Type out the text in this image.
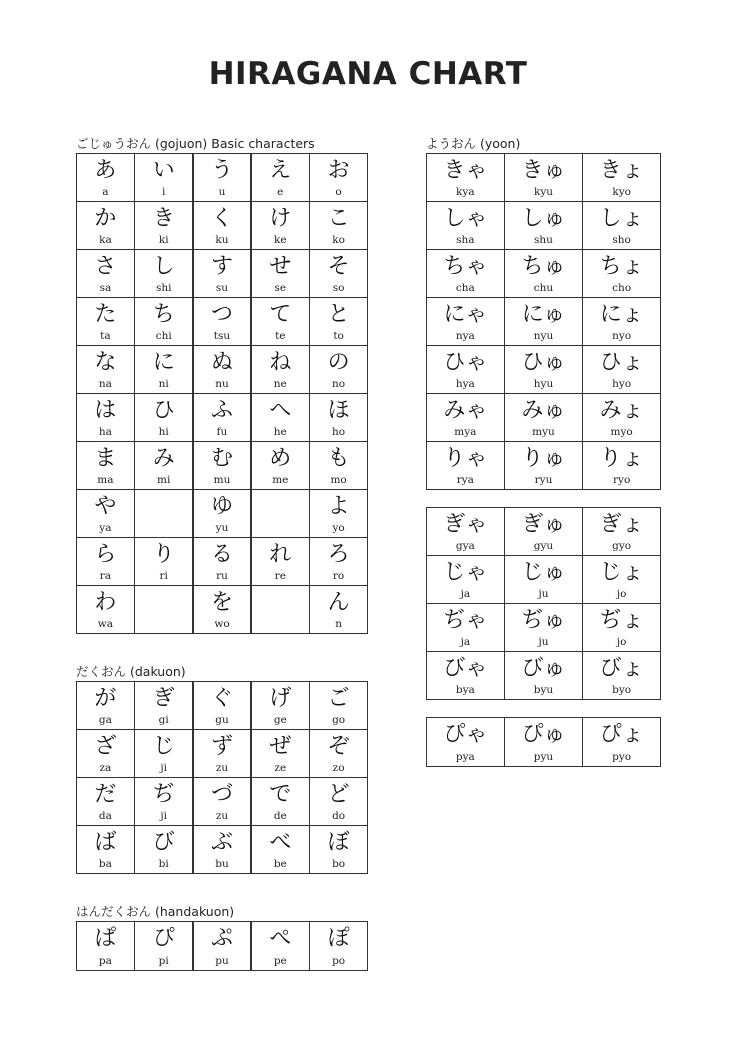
HIRAGANA CHART
ごじゅうおん (gojuon) Basic characters
あ
a
い
i
う
u
え
e
お
o
か
ka
き
ki
く
ku
け
ke
こ
ko
さ
sa
し
shi
す
su
せ
se
そ
so
た
ta
ち
chi
つ
tsu
て
te
と
to
な
na
に
ni
ぬ
nu
ね
ne
の
no
は
ha
ひ
hi
ふ
fu
へ
he
ほ
ho
ま
ma
み
mi
む
mu
め
me
も
mo
や
ya
ゆ
yu
よ
yo
ら
ra
り
ri
る
ru
れ
re
ろ
ro
わ
wa
を
wo
ん
n
だくおん (dakuon)
が
ga
ぎ
gi
ぐ
gu
げ
ge
ご
go
ざ
za
じ
ji
ず
zu
ぜ
ze
ぞ
zo
だ
da
ぢ
ji
づ
zu
で
de
ど
do
ば
ba
び
bi
ぶ
bu
べ
be
ぼ
bo
はんだくおん (handakuon)
ぱ
pa
ぴ
pi
ぷ
pu
ぺ
pe
ぽ
po
ようおん (yoon)
きゃ
kya
きゅ
kyu
きょ
kyo
しゃ
sha
しゅ
shu
しょ
sho
ちゃ
cha
ちゅ
chu
ちょ
cho
にゃ
nya
にゅ
nyu
にょ
nyo
ひゃ
hya
ひゅ
hyu
ひょ
hyo
みゃ
mya
みゅ
myu
みょ
myo
りゃ
rya
りゅ
ryu
りょ
ryo
ぎゃ
gya
ぎゅ
gyu
ぎょ
gyo
じゃ
ja
じゅ
ju
じょ
jo
ぢゃ
ja
ぢゅ
ju
ぢょ
jo
びゃ
bya
びゅ
byu
びょ
byo
ぴゃ
pya
ぴゅ
pyu
ぴょ
pyo
